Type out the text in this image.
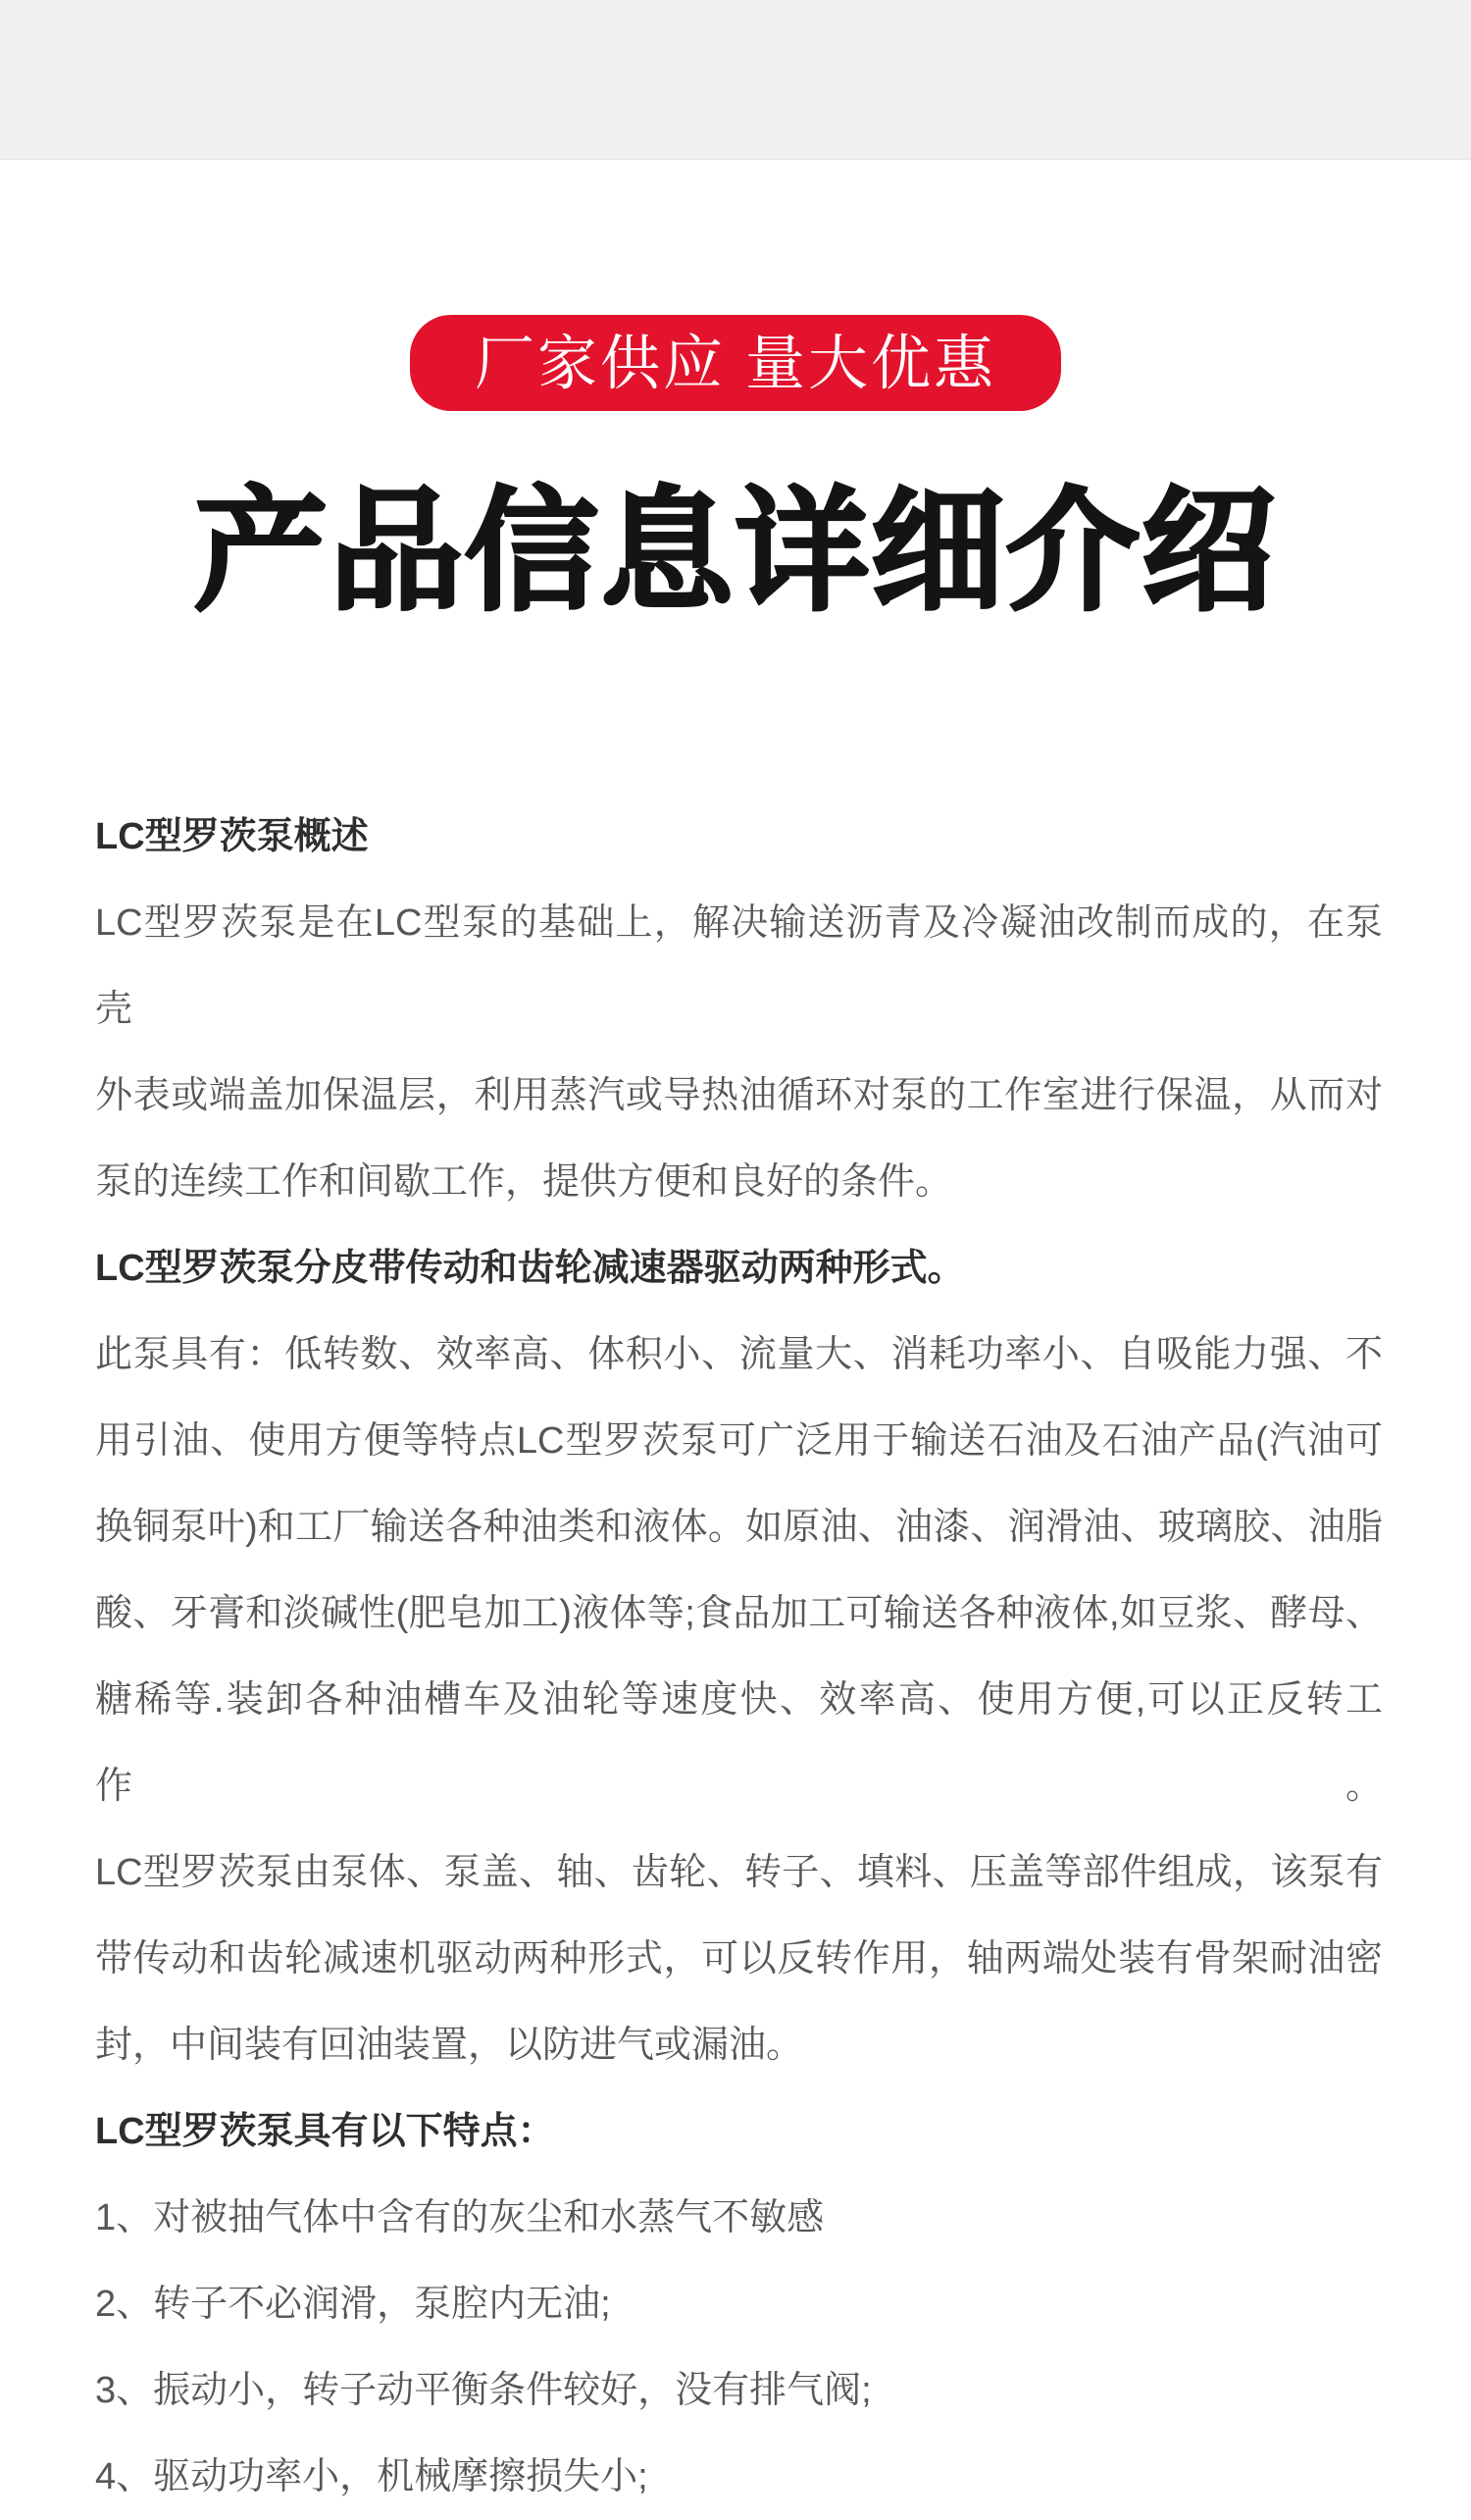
厂家供应 量大优惠
产品信息详细介绍
LC型罗茨泵概述
LC型罗茨泵是在LC型泵的基础上，解决输送沥青及冷凝油改制而成的，在泵壳
外表或端盖加保温层，利用蒸汽或导热油循环对泵的工作室进行保温，从而对
泵的连续工作和间歇工作，提供方便和良好的条件。
LC型罗茨泵分皮带传动和齿轮减速器驱动两种形式。
此泵具有：低转数、效率高、体积小、流量大、消耗功率小、自吸能力强、不
用引油、使用方便等特点LC型罗茨泵可广泛用于输送石油及石油产品(汽油可
换铜泵叶)和工厂输送各种油类和液体。如原油、油漆、润滑油、玻璃胶、油脂
酸、牙膏和淡碱性(肥皂加工)液体等;食品加工可输送各种液体,如豆浆、酵母、
糖稀等.装卸各种油槽车及油轮等速度快、效率高、使用方便,可以正反转工作。
LC型罗茨泵由泵体、泵盖、轴、齿轮、转子、填料、压盖等部件组成，该泵有
带传动和齿轮减速机驱动两种形式，可以反转作用，轴两端处装有骨架耐油密
封，中间装有回油装置，以防进气或漏油。
LC型罗茨泵具有以下特点：
1、对被抽气体中含有的灰尘和水蒸气不敏感
2、转子不必润滑，泵腔内无油;
3、振动小，转子动平衡条件较好，没有排气阀;
4、驱动功率小，机械摩擦损失小;
